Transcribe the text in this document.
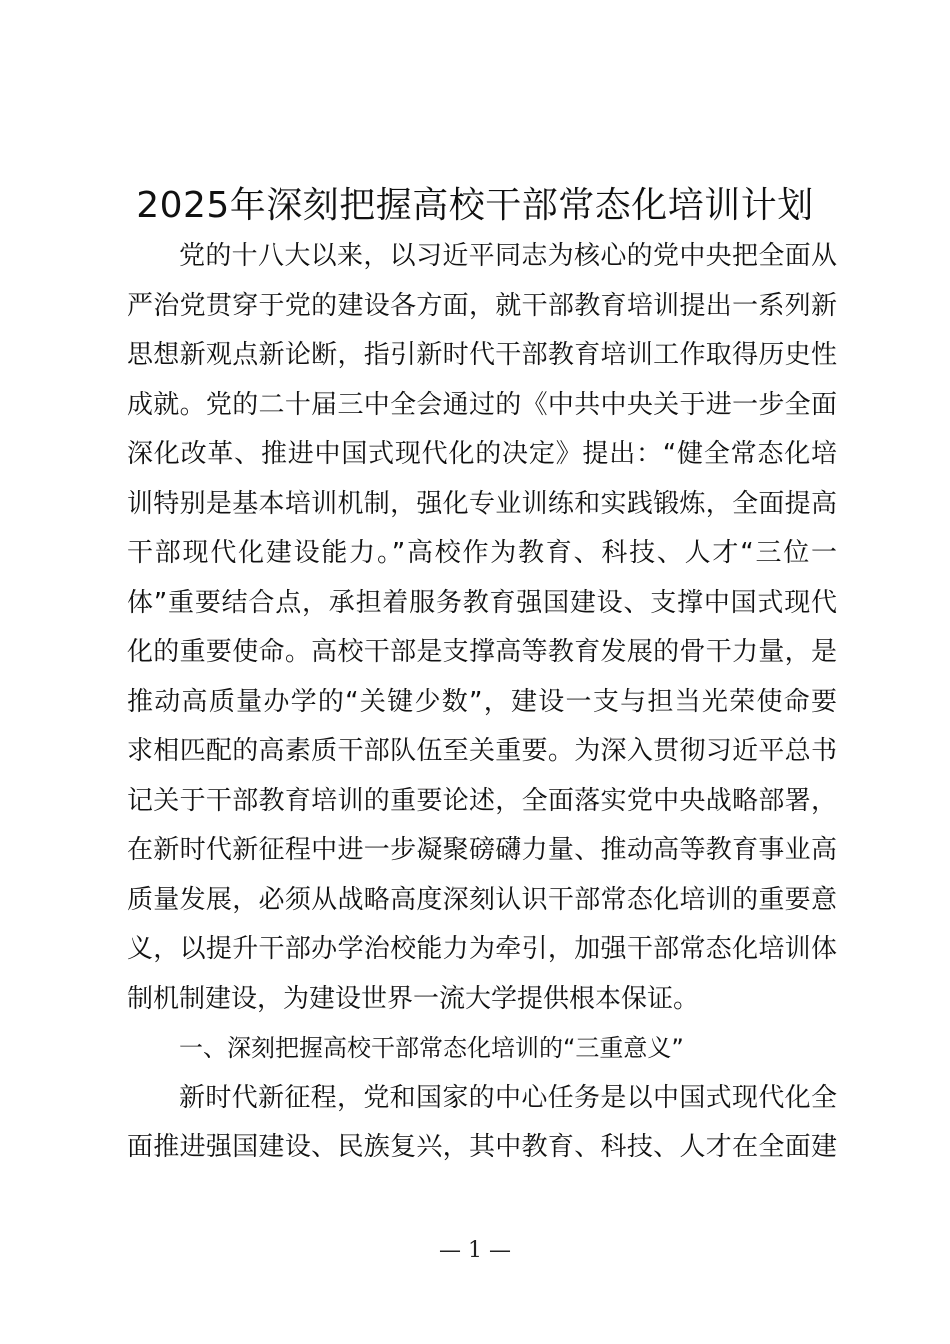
2025年深刻把握高校干部常态化培训计划
党的十八大以来，以习近平同志为核心的党中央把全面从
严治党贯穿于党的建设各方面，就干部教育培训提出一系列新
思想新观点新论断，指引新时代干部教育培训工作取得历史性
成就。党的二十届三中全会通过的《中共中央关于进一步全面
深化改革、推进中国式现代化的决定》提出：“健全常态化培
训特别是基本培训机制，强化专业训练和实践锻炼，全面提高
干部现代化建设能力。”高校作为教育、科技、人才“三位一
体”重要结合点，承担着服务教育强国建设、支撑中国式现代
化的重要使命。高校干部是支撑高等教育发展的骨干力量，是
推动高质量办学的“关键少数”，建设一支与担当光荣使命要
求相匹配的高素质干部队伍至关重要。为深入贯彻习近平总书
记关于干部教育培训的重要论述，全面落实党中央战略部署，
在新时代新征程中进一步凝聚磅礴力量、推动高等教育事业高
质量发展，必须从战略高度深刻认识干部常态化培训的重要意
义，以提升干部办学治校能力为牵引，加强干部常态化培训体
制机制建设，为建设世界一流大学提供根本保证。
一、深刻把握高校干部常态化培训的“三重意义”
新时代新征程，党和国家的中心任务是以中国式现代化全
面推进强国建设、民族复兴，其中教育、科技、人才在全面建
— 1 —
